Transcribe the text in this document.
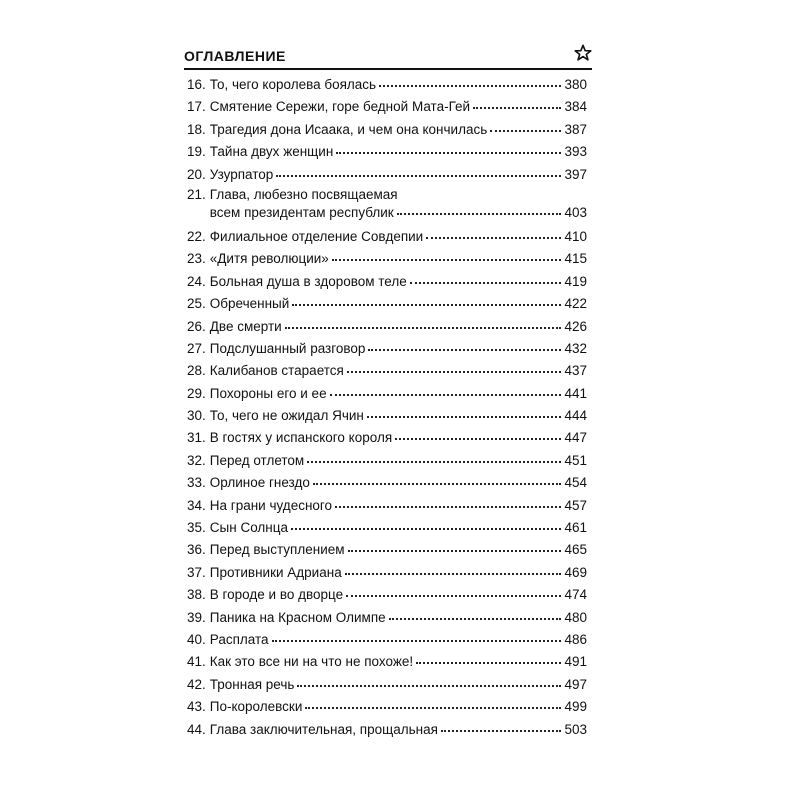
ОГЛАВЛЕНИЕ
16. То, чего королева боялась	380
17. Смятение Сережи, горе бедной Мата-Гей	384
18. Трагедия дона Исаака, и чем она кончилась	387
19. Тайна двух женщин	393
20. Узурпатор	397
21. Глава, любезно посвящаемая
всем президентам республик	403
22. Филиальное отделение Совдепии	410
23. «Дитя революции»	415
24. Больная душа в здоровом теле	419
25. Обреченный	422
26. Две смерти	426
27. Подслушанный разговор	432
28. Калибанов старается	437
29. Похороны его и ее	441
30. То, чего не ожидал Ячин	444
31. В гостях у испанского короля	447
32. Перед отлетом	451
33. Орлиное гнездо	454
34. На грани чудесного	457
35. Сын Солнца	461
36. Перед выступлением	465
37. Противники Адриана	469
38. В городе и во дворце	474
39. Паника на Красном Олимпе	480
40. Расплата	486
41. Как это все ни на что не похоже!	491
42. Тронная речь	497
43. По-королевски	499
44. Глава заключительная, прощальная	503
